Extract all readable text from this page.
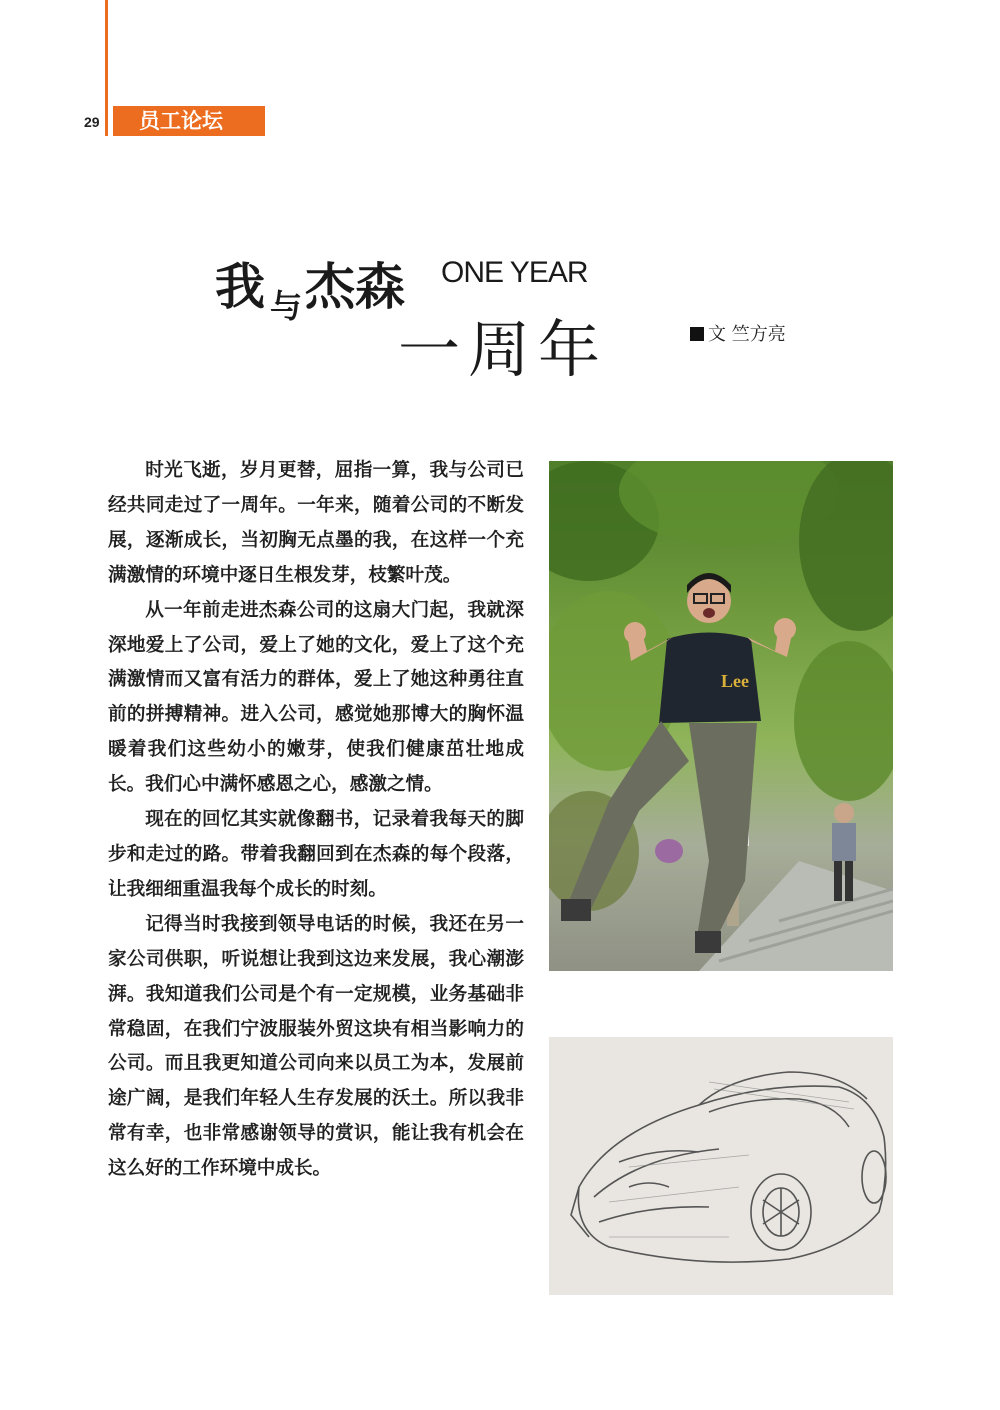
29	员工论坛
我 与 杰森 ONE YEAR
一周年	文 竺方亮

时光飞逝，岁月更替，屈指一算，我与公司已经共同走过了一周年。一年来，随着公司的不断发展，逐渐成长，当初胸无点墨的我，在这样一个充满激情的环境中逐日生根发芽，枝繁叶茂。

从一年前走进杰森公司的这扇大门起，我就深深地爱上了公司，爱上了她的文化，爱上了这个充满激情而又富有活力的群体，爱上了她这种勇往直前的拼搏精神。进入公司，感觉她那博大的胸怀温暖着我们这些幼小的嫩芽，使我们健康茁壮地成长。我们心中满怀感恩之心，感激之情。

现在的回忆其实就像翻书，记录着我每天的脚步和走过的路。带着我翻回到在杰森的每个段落，让我细细重温我每个成长的时刻。

记得当时我接到领导电话的时候，我还在另一家公司供职，听说想让我到这边来发展，我心潮澎湃。我知道我们公司是个有一定规模，业务基础非常稳固，在我们宁波服装外贸这块有相当影响力的公司。而且我更知道公司向来以员工为本，发展前途广阔，是我们年轻人生存发展的沃土。所以我非常有幸，也非常感谢领导的赏识，能让我有机会在这么好的工作环境中成长。

Lee
